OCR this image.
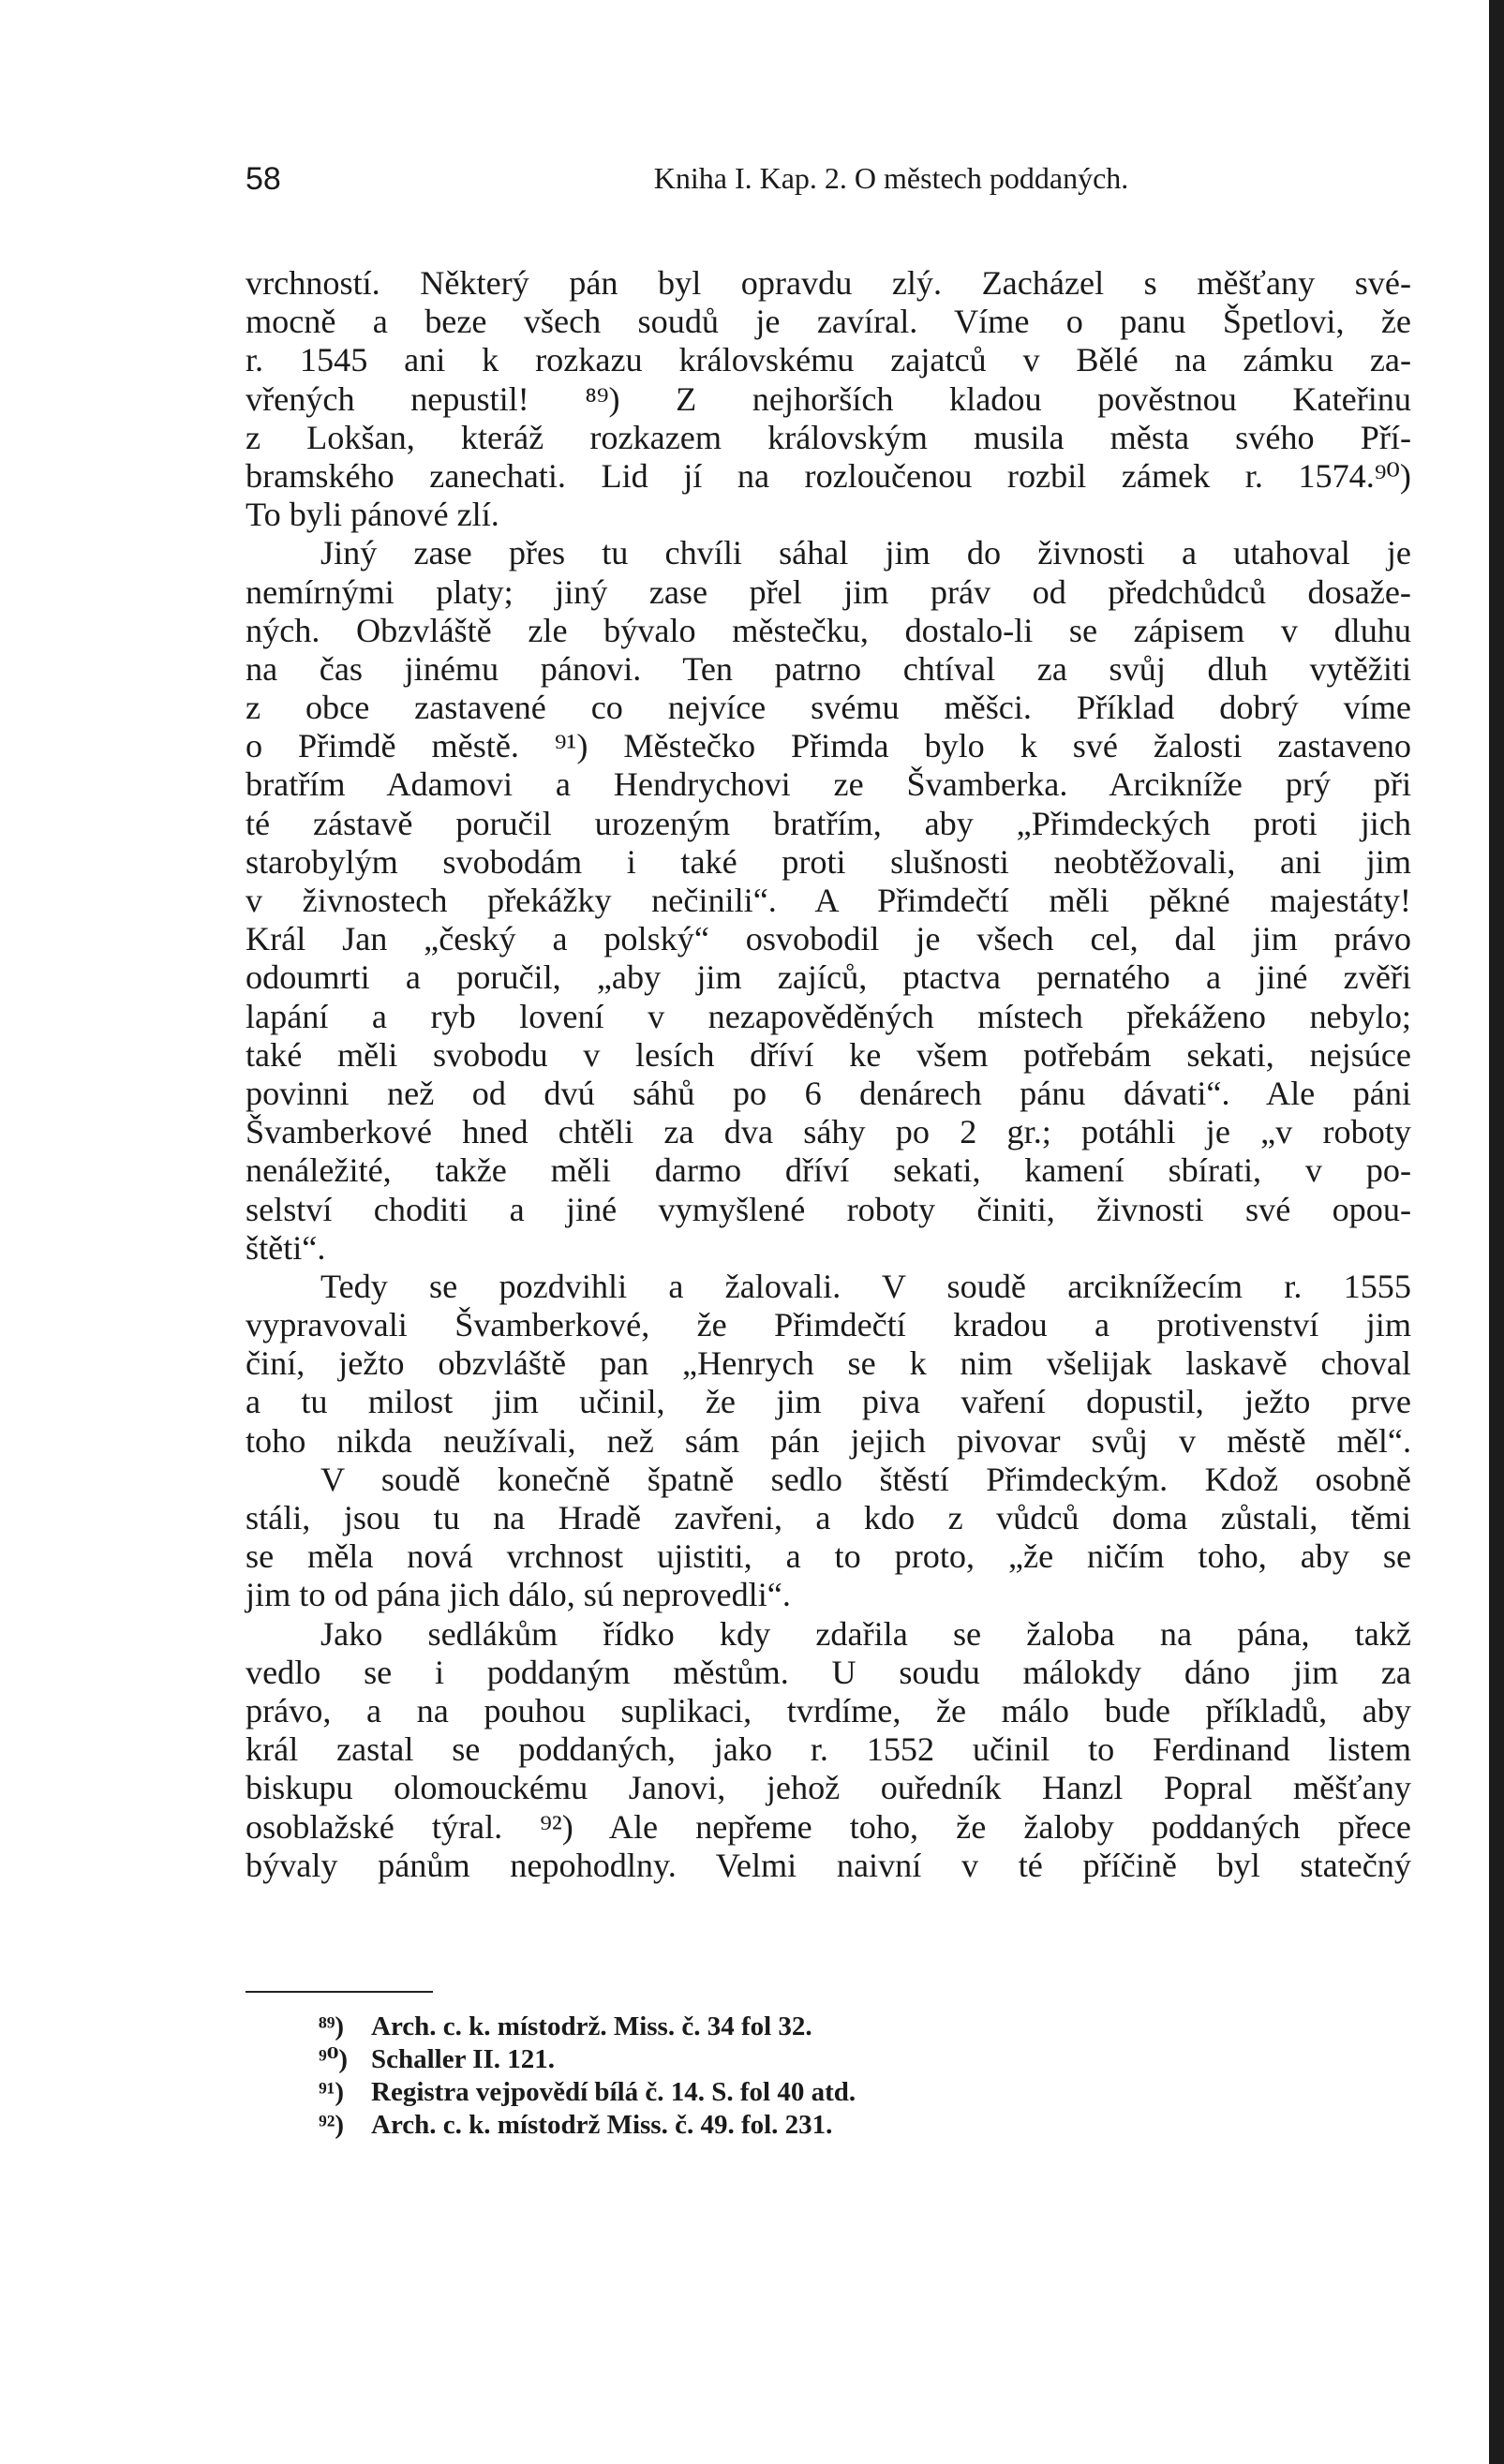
58	Kniha I. Kap. 2. O městech poddaných.
vrchností. Některý pán byl opravdu zlý. Zacházel s měšťany své-
mocně a beze všech soudů je zavíral. Víme o panu Špetlovi, že
r. 1545 ani k rozkazu královskému zajatců v Bělé na zámku za-
vřených nepustil! ⁸⁹) Z nejhorších kladou pověstnou Kateřinu
z Lokšan, kteráž rozkazem královským musila města svého Pří-
bramského zanechati. Lid jí na rozloučenou rozbil zámek r. 1574.⁹⁰)
To byli pánové zlí.
Jiný zase přes tu chvíli sáhal jim do živnosti a utahoval je
nemírnými platy; jiný zase přel jim práv od předchůdců dosaže-
ných. Obzvláště zle bývalo městečku, dostalo-li se zápisem v dluhu
na čas jinému pánovi. Ten patrno chtíval za svůj dluh vytěžiti
z obce zastavené co nejvíce svému měšci. Příklad dobrý víme
o Přimdě městě. ⁹¹) Městečko Přimda bylo k své žalosti zastaveno
bratřím Adamovi a Hendrychovi ze Švamberka. Arcikníže prý při
té zástavě poručil urozeným bratřím, aby „Přimdeckých proti jich
starobylým svobodám i také proti slušnosti neobtěžovali, ani jim
v živnostech překážky nečinili“. A Přimdečtí měli pěkné majestáty!
Král Jan „český a polský“ osvobodil je všech cel, dal jim právo
odoumrti a poručil, „aby jim zajíců, ptactva pernatého a jiné zvěři
lapání a ryb lovení v nezapověděných místech překáženo nebylo;
také měli svobodu v lesích dříví ke všem potřebám sekati, nejsúce
povinni než od dvú sáhů po 6 denárech pánu dávati“. Ale páni
Švamberkové hned chtěli za dva sáhy po 2 gr.; potáhli je „v roboty
nenáležité, takže měli darmo dříví sekati, kamení sbírati, v po-
selství choditi a jiné vymyšlené roboty činiti, živnosti své opou-
štěti“.
Tedy se pozdvihli a žalovali. V soudě arciknížecím r. 1555
vypravovali Švamberkové, že Přimdečtí kradou a protivenství jim
činí, ježto obzvláště pan „Henrych se k nim všelijak laskavě choval
a tu milost jim učinil, že jim piva vaření dopustil, ježto prve
toho nikda neužívali, než sám pán jejich pivovar svůj v městě měl“.
V soudě konečně špatně sedlo štěstí Přimdeckým. Kdož osobně
stáli, jsou tu na Hradě zavřeni, a kdo z vůdců doma zůstali, těmi
se měla nová vrchnost ujistiti, a to proto, „že ničím toho, aby se
jim to od pána jich dálo, sú neprovedli“.
Jako sedlákům řídko kdy zdařila se žaloba na pána, takž
vedlo se i poddaným městům. U soudu málokdy dáno jim za
právo, a na pouhou suplikaci, tvrdíme, že málo bude příkladů, aby
král zastal se poddaných, jako r. 1552 učinil to Ferdinand listem
biskupu olomouckému Janovi, jehož ouředník Hanzl Popral měšťany
osoblažské týral. ⁹²) Ale nepřeme toho, že žaloby poddaných přece
bývaly pánům nepohodlny. Velmi naivní v té příčině byl statečný
⁸⁹) Arch. c. k. místodrž. Miss. č. 34 fol 32.
⁹⁰) Schaller II. 121.
⁹¹) Registra vejpovědí bílá č. 14. S. fol 40 atd.
⁹²) Arch. c. k. místodrž Miss. č. 49. fol. 231.
